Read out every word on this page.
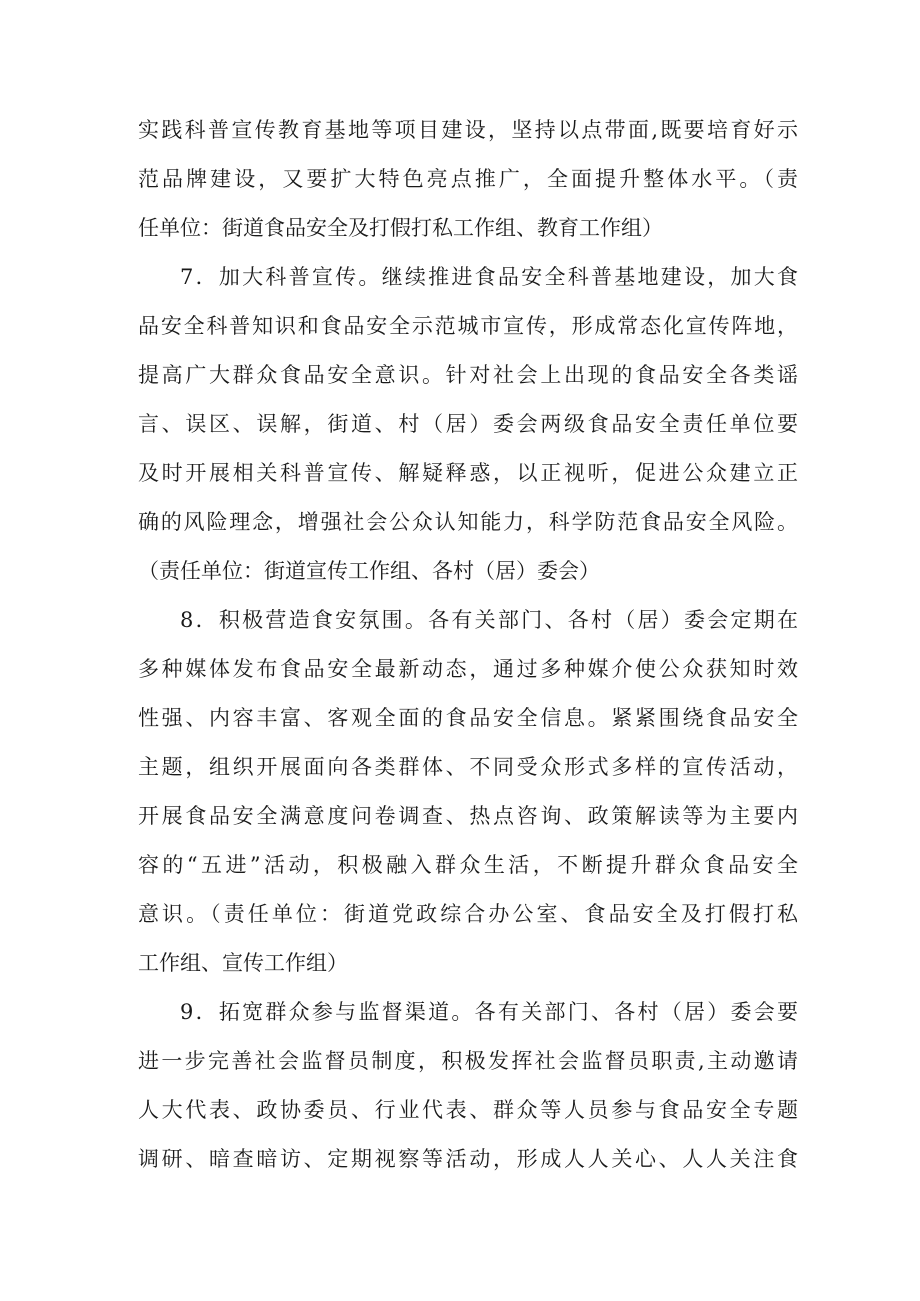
实践科普宣传教育基地等项目建设，坚持以点带面,既要培育好示
范品牌建设，又要扩大特色亮点推广，全面提升整体水平。（责
任单位：街道食品安全及打假打私工作组、教育工作组）
7．加大科普宣传。继续推进食品安全科普基地建设，加大食
品安全科普知识和食品安全示范城市宣传，形成常态化宣传阵地，
提高广大群众食品安全意识。针对社会上出现的食品安全各类谣
言、误区、误解，街道、村（居）委会两级食品安全责任单位要
及时开展相关科普宣传、解疑释惑，以正视听，促进公众建立正
确的风险理念，增强社会公众认知能力，科学防范食品安全风险。
（责任单位：街道宣传工作组、各村（居）委会）
8．积极营造食安氛围。各有关部门、各村（居）委会定期在
多种媒体发布食品安全最新动态，通过多种媒介使公众获知时效
性强、内容丰富、客观全面的食品安全信息。紧紧围绕食品安全
主题，组织开展面向各类群体、不同受众形式多样的宣传活动，
开展食品安全满意度问卷调查、热点咨询、政策解读等为主要内
容的“五进”活动，积极融入群众生活，不断提升群众食品安全
意识。（责任单位：街道党政综合办公室、食品安全及打假打私
工作组、宣传工作组）
9．拓宽群众参与监督渠道。各有关部门、各村（居）委会要
进一步完善社会监督员制度，积极发挥社会监督员职责,主动邀请
人大代表、政协委员、行业代表、群众等人员参与食品安全专题
调研、暗查暗访、定期视察等活动，形成人人关心、人人关注食
